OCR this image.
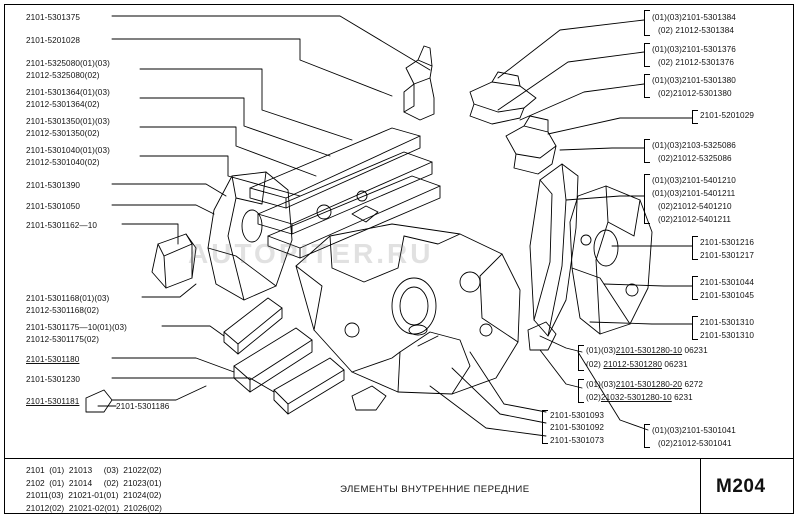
AUTOPITER.RU
2101-5301375
2101-5201028
2101-5325080(01)(03)
21012-5325080(02)
2101-5301364(01)(03)
21012-5301364(02)
2101-5301350(01)(03)
21012-5301350(02)
2101-5301040(01)(03)
21012-5301040(02)
2101-5301390
2101-5301050
2101-5301162—10
2101-5301168(01)(03)
21012-5301168(02)
2101-5301175—10(01)(03)
21012-5301175(02)
2101-5301180
2101-5301230
2101-5301181
2101-5301186
(01)(03)2101-5301384
(02) 21012-5301384
(01)(03)2101-5301376
(02) 21012-5301376
(01)(03)2101-5301380
(02)21012-5301380
2101-5201029
(01)(03)2103-5325086
(02)21012-5325086
(01)(03)2101-5401210
(01)(03)2101-5401211
(02)21012-5401210
(02)21012-5401211
2101-5301216
2101-5301217
2101-5301044
2101-5301045
2101-5301310
2101-5301310
(01)(03)2101-5301280-10 06231
(02) 21012-5301280 06231
(01)(03)2101-5301280-20 6272
(02)21032-5301280-10 6231
2101-5301093
2101-5301092
2101-5301073
(01)(03)2101-5301041
(02)21012-5301041
2101  (01)  21013     (03)  21022(02)
2102  (01)  21014     (02)  21023(01)
21011(03)  21021-01(01)  21024(02)
21012(02)  21021-02(01)  21026(02)
ЭЛЕМЕНТЫ ВНУТРЕННИЕ ПЕРЕДНИЕ	M204
